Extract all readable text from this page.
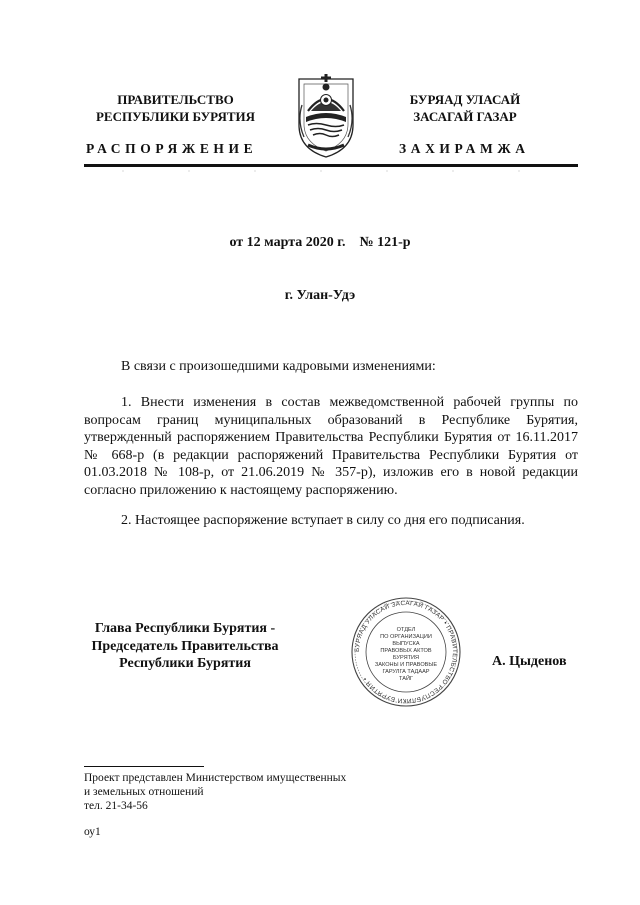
ПРАВИТЕЛЬСТВО
РЕСПУБЛИКИ БУРЯТИЯ
БУРЯАД УЛАСАЙ
ЗАСАГАЙ ГАЗАР
РАСПОРЯЖЕНИЕ	ЗАХИРАМЖА
от 12 марта 2020 г.    № 121-р
г. Улан-Удэ
В связи с произошедшими кадровыми изменениями:
1. Внести изменения в состав межведомственной рабочей группы по вопросам границ муниципальных образований в Республике Бурятия, утвержденный распоряжением Правительства Республики Бурятия от 16.11.2017 № 668-р (в редакции распоряжений Правительства Республики Бурятия от 01.03.2018 № 108-р, от 21.06.2019 № 357-р), изложив его в новой редакции согласно приложению к настоящему распоряжению.
2. Настоящее распоряжение вступает в силу со дня его подписания.
Глава Республики Бурятия -
Председатель Правительства
Республики Бурятия
БУРЯАД УЛАСАЙ ЗАСАГАЙ ГАЗАР • ПРАВИТЕЛЬСТВО РЕСПУБЛИКИ БУРЯТИЯ •
ОТДЕЛ
ПО ОРГАНИЗАЦИИ
ВЫПУСКА
ПРАВОВЫХ АКТОВ
БУРЯТИЯ
ЗАКОНЫ И ПРАВОВЫЕ
ГАРУЛГА ТАДААР
ТАЙГ
А. Цыденов
Проект представлен Министерством имущественных
и земельных отношений
тел. 21-34-56
оу1
